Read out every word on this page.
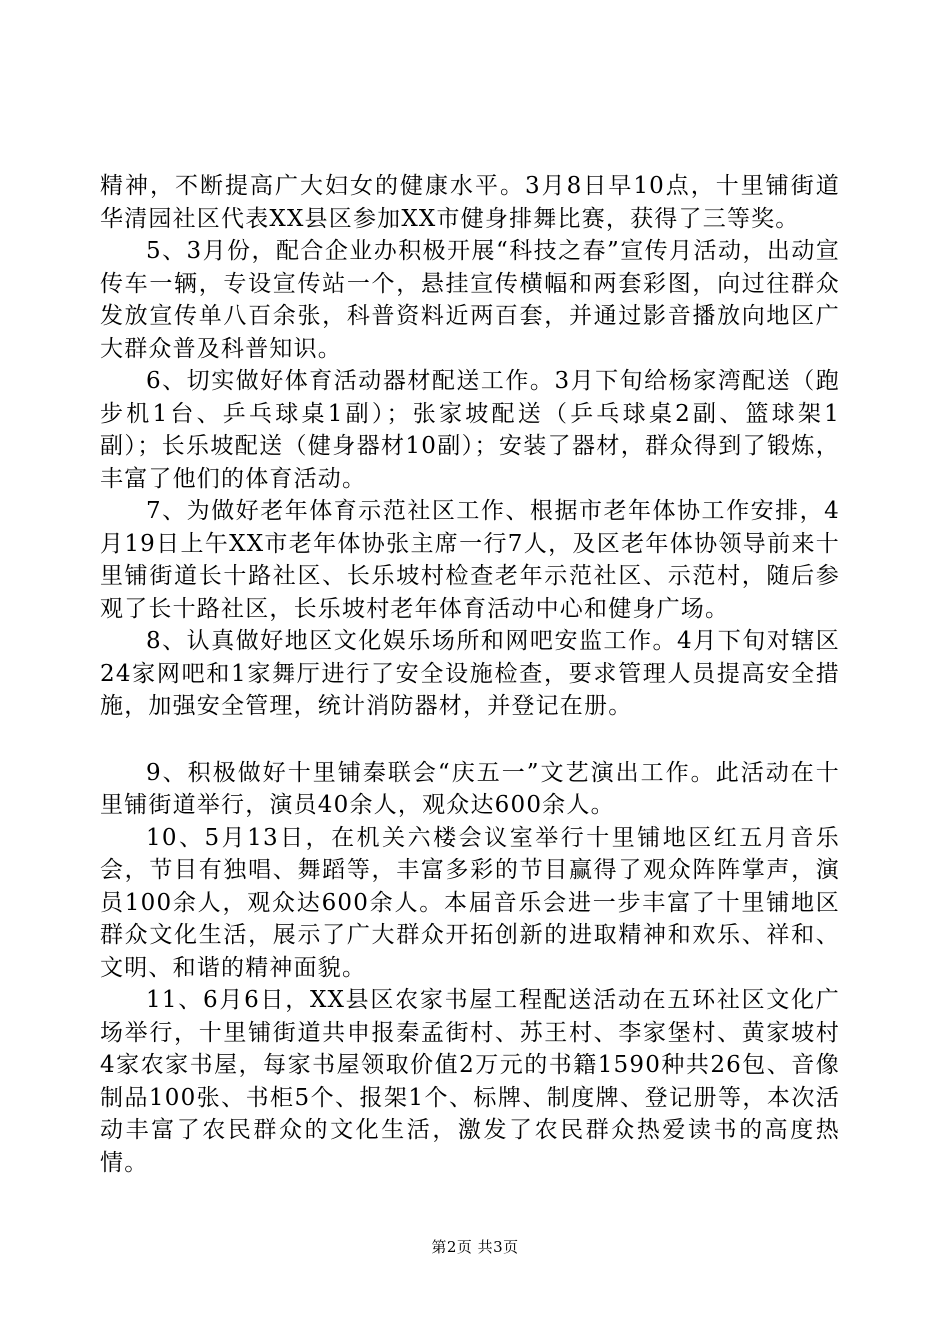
精神，不断提高广大妇女的健康水平。3月8日早10点，十里铺街道华清园社区代表XX县区参加XX市健身排舞比赛，获得了三等奖。

5、3月份，配合企业办积极开展“科技之春”宣传月活动，出动宣传车一辆，专设宣传站一个，悬挂宣传横幅和两套彩图，向过往群众发放宣传单八百余张，科普资料近两百套，并通过影音播放向地区广大群众普及科普知识。

6、切实做好体育活动器材配送工作。3月下旬给杨家湾配送（跑步机1台、乒乓球桌1副）；张家坡配送（乒乓球桌2副、篮球架1副）；长乐坡配送（健身器材10副）；安装了器材，群众得到了锻炼，丰富了他们的体育活动。

7、为做好老年体育示范社区工作、根据市老年体协工作安排，4月19日上午XX市老年体协张主席一行7人，及区老年体协领导前来十里铺街道长十路社区、长乐坡村检查老年示范社区、示范村，随后参观了长十路社区，长乐坡村老年体育活动中心和健身广场。

8、认真做好地区文化娱乐场所和网吧安监工作。4月下旬对辖区24家网吧和1家舞厅进行了安全设施检查，要求管理人员提高安全措施，加强安全管理，统计消防器材，并登记在册。

9、积极做好十里铺秦联会“庆五一”文艺演出工作。此活动在十里铺街道举行，演员40余人，观众达600余人。

10、5月13日，在机关六楼会议室举行十里铺地区红五月音乐会，节目有独唱、舞蹈等，丰富多彩的节目赢得了观众阵阵掌声，演员100余人，观众达600余人。本届音乐会进一步丰富了十里铺地区群众文化生活，展示了广大群众开拓创新的进取精神和欢乐、祥和、文明、和谐的精神面貌。

11、6月6日，XX县区农家书屋工程配送活动在五环社区文化广场举行，十里铺街道共申报秦孟街村、苏王村、李家堡村、黄家坡村4家农家书屋，每家书屋领取价值2万元的书籍1590种共26包、音像制品100张、书柜5个、报架1个、标牌、制度牌、登记册等，本次活动丰富了农民群众的文化生活，激发了农民群众热爱读书的高度热情。

第2页 共3页
